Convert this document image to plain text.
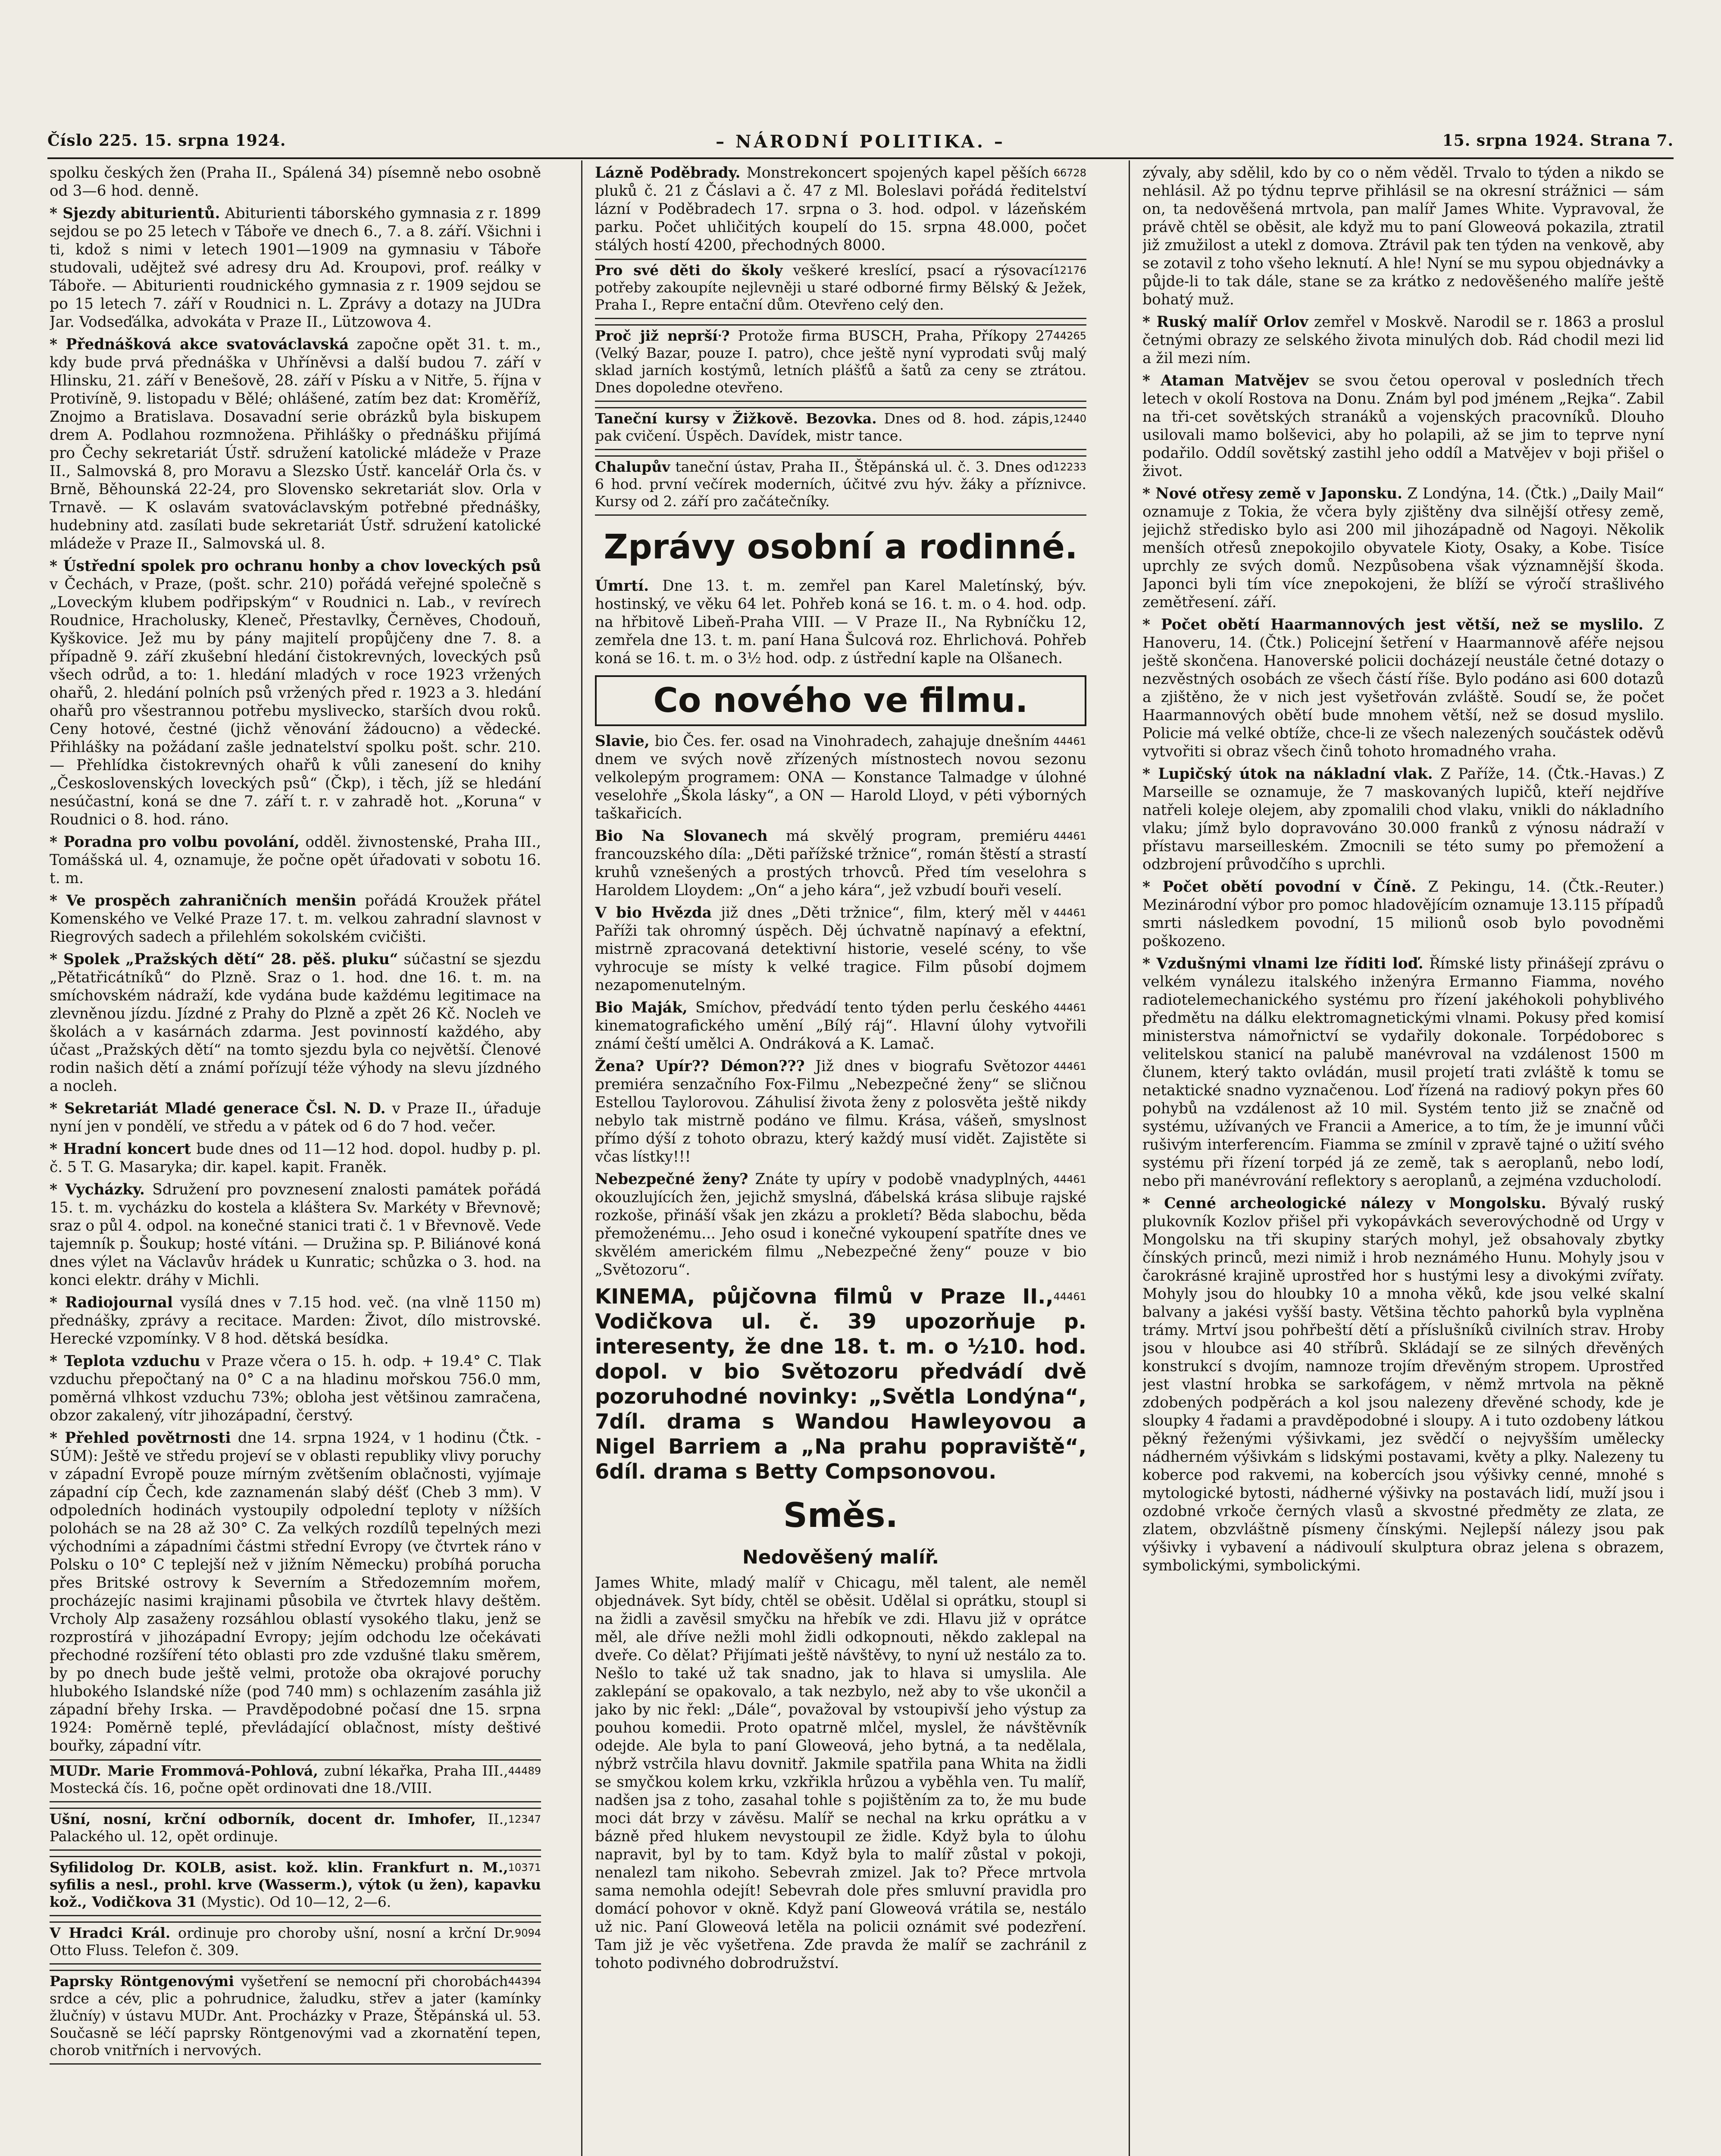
Číslo 225. 15. srpna 1924.	– NÁRODNÍ POLITIKA. –	15. srpna 1924. Strana 7.

spolku českých žen (Praha II., Spálená 34) písemně nebo osobně od 3—6 hod. denně.

* Sjezdy abiturientů. Abiturienti táborského gymnasia z r. 1899 sejdou se po 25 letech v Táboře ve dnech 6., 7. a 8. září. Všichni i ti, kdož s nimi v letech 1901—1909 na gymnasiu v Táboře studovali, udějtež své adresy dru Ad. Kroupovi, prof. reálky v Táboře. — Abiturienti roudnického gymnasia z r. 1909 sejdou se po 15 letech 7. září v Roudnici n. L. Zprávy a dotazy na JUDra Jar. Vodseďálka, advokáta v Praze II., Lützowova 4.

* Přednášková akce svatováclavská započne opět 31. t. m., kdy bude prvá přednáška v Uhříněvsi a další budou 7. září v Hlinsku, 21. září v Benešově, 28. září v Písku a v Nitře, 5. října v Protivíně, 9. listopadu v Bělé; ohlášené, zatím bez dat: Kroměříž, Znojmo a Bratislava. Dosavadní serie obrázků byla biskupem drem A. Podlahou rozmnožena. Přihlášky o přednášku přijímá pro Čechy sekretariát Ústř. sdružení katolické mládeže v Praze II., Salmovská 8, pro Moravu a Slezsko Ústř. kancelář Orla čs. v Brně, Běhounská 22-24, pro Slovensko sekretariát slov. Orla v Trnavě. — K oslavám svatováclavským potřebné přednášky, hudebniny atd. zasílati bude sekretariát Ústř. sdružení katolické mládeže v Praze II., Salmovská ul. 8.

* Ústřední spolek pro ochranu honby a chov loveckých psů v Čechách, v Praze, (pošt. schr. 210) pořádá veřejné společně s „Loveckým klubem podřipským“ v Roudnici n. Lab., v revírech Roudnice, Hracholusky, Kleneč, Přestavlky, Černěves, Chodouň, Kyškovice. Jež mu by pány majitelí propůjčeny dne 7. 8. a případně 9. září zkušební hledání čistokrevných, loveckých psů všech odrůd, a to: 1. hledání mladých v roce 1923 vržených ohařů, 2. hledání polních psů vržených před r. 1923 a 3. hledání ohařů pro všestrannou potřebu myslivecko, starších dvou roků. Ceny hotové, čestné (jichž věnování žádoucno) a vědecké. Přihlášky na požádaní zašle jednatelství spolku pošt. schr. 210. — Přehlídka čistokrevných ohařů k vůli zanesení do knihy „Československých loveckých psů“ (Čkp), i těch, jíž se hledání nesúčastní, koná se dne 7. září t. r. v zahradě hot. „Koruna“ v Roudnici o 8. hod. ráno.

* Poradna pro volbu povolání, odděl. živnostenské, Praha III., Tomášská ul. 4, oznamuje, že počne opět úřadovati v sobotu 16. t. m.

* Ve prospěch zahraničních menšin pořádá Kroužek přátel Komenského ve Velké Praze 17. t. m. velkou zahradní slavnost v Riegrových sadech a přilehlém sokolském cvičišti.

* Spolek „Pražských dětí“ 28. pěš. pluku“ súčastní se sjezdu „Pětatřicátníků“ do Plzně. Sraz o 1. hod. dne 16. t. m. na smíchovském nádraží, kde vydána bude každému legitimace na zlevněnou jízdu. Jízdné z Prahy do Plzně a zpět 26 Kč. Nocleh ve školách a v kasárnách zdarma. Jest povinností každého, aby účast „Pražských dětí“ na tomto sjezdu byla co největší. Členové rodin našich dětí a známí pořízují téže výhody na slevu jízdného a nocleh.

* Sekretariát Mladé generace Čsl. N. D. v Praze II., úřaduje nyní jen v pondělí, ve středu a v pátek od 6 do 7 hod. večer.

* Hradní koncert bude dnes od 11—12 hod. dopol. hudby p. pl. č. 5 T. G. Masaryka; dir. kapel. kapit. Franěk.

* Vycházky. Sdružení pro povznesení znalosti památek pořádá 15. t. m. vycházku do kostela a kláštera Sv. Markéty v Břevnově; sraz o půl 4. odpol. na konečné stanici trati č. 1 v Břevnově. Vede tajemník p. Šoukup; hosté vítáni. — Družina sp. P. Biliánové koná dnes výlet na Václavův hrádek u Kunratic; schůzka o 3. hod. na konci elektr. dráhy v Michli.

* Radiojournal vysílá dnes v 7.15 hod. več. (na vlně 1150 m) přednášky, zprávy a recitace. Marden: Život, dílo mistrovské. Herecké vzpomínky. V 8 hod. dětská besídka.

* Teplota vzduchu v Praze včera o 15. h. odp. + 19.4° C. Tlak vzduchu přepočtaný na 0° C a na hladinu mořskou 756.0 mm, poměrná vlhkost vzduchu 73%; obloha jest většinou zamračena, obzor zakalený, vítr jihozápadní, čerstvý.

* Přehled povětrnosti dne 14. srpna 1924, v 1 hodinu (Čtk. - SÚM): Ještě ve středu projeví se v oblasti republiky vlivy poruchy v západní Evropě pouze mírným zvětšením oblačnosti, vyjímaje západní cíp Čech, kde zaznamenán slabý déšť (Cheb 3 mm). V odpoledních hodinách vystoupily odpolední teploty v nížších polohách se na 28 až 30° C. Za velkých rozdílů tepelných mezi východními a západními částmi střední Evropy (ve čtvrtek ráno v Polsku o 10° C teplejší než v jižním Německu) probíhá porucha přes Britské ostrovy k Severním a Středozemním mořem, procházejíc nasimi krajinami působila ve čtvrtek hlavy deštěm. Vrcholy Alp zasaženy rozsáhlou oblastí vysokého tlaku, jenž se rozprostírá v jihozápadní Evropy; jejím odchodu lze očekávati přechodné rozšíření této oblasti pro zde vzdušné tlaku směrem, by po dnech bude ještě velmi, protože oba okrajové poruchy hlubokého Islandské níže (pod 740 mm) s ochlazením zasáhla již západní břehy Irska. — Pravděpodobné počasí dne 15. srpna 1924: Poměrně teplé, převládající oblačnost, místy deštivé bouřky, západní vítr.

44489
MUDr. Marie Frommová-Pohlová, zubní lékařka, Praha III., Mostecká čís. 16, počne opět ordinovati dne 18./VIII.

12347
Ušní, nosní, krční odborník, docent dr. Imhofer, II., Palackého ul. 12, opět ordinuje.

10371
Syfilidolog Dr. KOLB, asist. kož. klin. Frankfurt n. M., syfilis a nesl., prohl. krve (Wasserm.), výtok (u žen), kapavku kož., Vodičkova 31 (Mystic). Od 10—12, 2—6.

9094
V Hradci Král. ordinuje pro choroby ušní, nosní a krční Dr. Otto Fluss. Telefon č. 309.

44394
Paprsky Röntgenovými vyšetření se nemocní při chorobách srdce a cév, plic a pohrudnice, žaludku, střev a jater (kamínky žlučníy) v ústavu MUDr. Ant. Procházky v Praze, Štěpánská ul. 53. Současně se léčí paprsky Röntgenovými vad a zkornatění tepen, chorob vnitřních i nervových.

66728
Lázně Poděbrady. Monstrekoncert spojených kapel pěších pluků č. 21 z Čáslavi a č. 47 z Ml. Boleslavi pořádá ředitelství lázní v Poděbradech 17. srpna o 3. hod. odpol. v lázeňském parku. Počet uhličitých koupelí do 15. srpna 48.000, počet stálých hostí 4200, přechodných 8000.

12176
Pro své děti do školy veškeré kreslící, psací a rýsovací potřeby zakoupíte nejlevněji u staré odborné firmy Bělský & Ježek, Praha I., Repre entační dům. Otevřeno celý den.

44265
Proč již nepršíᐧ? Protože firma BUSCH, Praha, Příkopy 27 (Velký Bazar, pouze I. patro), chce ještě nyní vyprodati svůj malý sklad jarních kostýmů, letních plášťů a šatů za ceny se ztrátou. Dnes dopoledne otevřeno.

12440
Taneční kursy v Žižkově. Bezovka. Dnes od 8. hod. zápis, pak cvičení. Úspěch. Davídek, mistr tance.

12233
Chalupův taneční ústav, Praha II., Štěpánská ul. č. 3. Dnes od 6 hod. první večírek moderních, účitvé zvu hýv. žáky a příznivce. Kursy od 2. září pro začátečníky.

Zprávy osobní a rodinné.

Úmrtí. Dne 13. t. m. zemřel pan Karel Maletínský, býv. hostinský, ve věku 64 let. Pohřeb koná se 16. t. m. o 4. hod. odp. na hřbitově Libeň-Praha VIII. — V Praze II., Na Rybníčku 12, zemřela dne 13. t. m. paní Hana Šulcová roz. Ehrlichová. Pohřeb koná se 16. t. m. o 3½ hod. odp. z ústřední kaple na Olšanech.

Co nového ve filmu.

44461
Slavie, bio Čes. fer. osad na Vinohradech, zahajuje dnešním dnem ve svých nově zřízených místnostech novou sezonu velkolepým programem: ONA — Konstance Talmadge v úlohné veselohře „Škola lásky“, a ON — Harold Lloyd, v péti výborných taškařicích.

44461
Bio Na Slovanech má skvělý program, premiéru francouzského díla: „Děti pařížské tržnice“, román štěstí a strastí kruhů vznešených a prostých trhovců. Před tím veselohra s Haroldem Lloydem: „On“ a jeho kára“, jež vzbudí bouři veselí.

44461
V bio Hvězda již dnes „Děti tržnice“, film, který měl v Paříži tak ohromný úspěch. Děj úchvatně napínavý a efektní, mistrně zpracovaná detektivní historie, veselé scény, to vše vyhrocuje se místy k velké tragice. Film působí dojmem nezapomenutelným.

44461
Bio Maják, Smíchov, předvádí tento týden perlu českého kinematografického umění „Bílý ráj“. Hlavní úlohy vytvořili známí čeští umělci A. Ondráková a K. Lamač.

44461
Žena? Upír?? Démon??? Již dnes v biografu Světozor premiéra senzačního Fox-Filmu „Nebezpečné ženy“ se sličnou Estellou Taylorovou. Záhulisí života ženy z polosvěta ještě nikdy nebylo tak mistrně podáno ve filmu. Krása, vášeň, smyslnost přímo dýší z tohoto obrazu, který každý musí vidět. Zajistěte si včas lístky!!!

44461
Nebezpečné ženy? Znáte ty upíry v podobě vnadyplných, okouzlujících žen, jejichž smyslná, ďábelská krása slibuje rajské rozkoše, přináší však jen zkázu a prokletí? Běda slabochu, běda přemoženému... Jeho osud i konečné vykoupení spatříte dnes ve skvělém americkém filmu „Nebezpečné ženy“ pouze v bio „Světozoru“.

44461
KINEMA, půjčovna filmů v Praze II., Vodičkova ul. č. 39 upozorňuje p. interesenty, že dne 18. t. m. o ½10. hod. dopol. v bio Světozoru předvádí dvě pozoruhodné novinky: „Světla Londýna“, 7díl. drama s Wandou Hawleyovou a Nigel Barriem a „Na prahu popraviště“, 6díl. drama s Betty Compsonovou.
Směs.
Nedověšený malíř.

James White, mladý malíř v Chicagu, měl talent, ale neměl objednávek. Syt bídy, chtěl se oběsit. Udělal si oprátku, stoupl si na židli a zavěsil smyčku na hřebík ve zdi. Hlavu již v oprátce měl, ale dříve nežli mohl židli odkopnouti, někdo zaklepal na dveře. Co dělat? Přijímati ještě návštěvy, to nyní už nestálo za to. Nešlo to také už tak snadno, jak to hlava si umyslila. Ale zaklepání se opakovalo, a tak nezbylo, než aby to vše ukončil a jako by nic řekl: „Dále“, považoval by vstoupivší jeho výstup za pouhou komedii. Proto opatrně mlčel, myslel, že návštěvník odejde. Ale byla to paní Gloweová, jeho bytná, a ta nedělala, nýbrž vstrčila hlavu dovnitř. Jakmile spatřila pana Whita na židli se smyčkou kolem krku, vzkřikla hrůzou a vyběhla ven. Tu malíř, nadšen jsa z toho, zasahal tohle s pojištěním za to, že mu bude moci dát brzy v závěsu. Malíř se nechal na krku oprátku a v bázně před hlukem nevystoupil ze židle. Když byla to úlohu napravit, byl by to tam. Když byla to malíř zůstal v pokoji, nenalezl tam nikoho. Sebevrah zmizel. Jak to? Přece mrtvola sama nemohla odejít! Sebevrah dole přes smluvní pravidla pro domácí pohovor v okně. Když paní Gloweová vrátila se, nestálo už nic. Paní Gloweová letěla na policii oznámit své podezření. Tam již je věc vyšetřena. Zde pravda že malíř se zachránil z tohoto podivného dobrodružství.

zývaly, aby sdělil, kdo by co o něm věděl. Trvalo to týden a nikdo se nehlásil. Až po týdnu teprve přihlásil se na okresní strážnici — sám on, ta nedověšená mrtvola, pan malíř James White. Vypravoval, že právě chtěl se oběsit, ale když mu to paní Gloweová pokazila, ztratil již zmužilost a utekl z domova. Ztrávil pak ten týden na venkově, aby se zotavil z toho všeho leknutí. A hle! Nyní se mu sypou objednávky a půjde-li to tak dále, stane se za krátko z nedověšeného malíře ještě bohatý muž.

* Ruský malíř Orlov zemřel v Moskvě. Narodil se r. 1863 a proslul četnými obrazy ze selského života minulých dob. Rád chodil mezi lid a žil mezi ním.

* Ataman Matvějev se svou četou operoval v posledních třech letech v okolí Rostova na Donu. Znám byl pod jménem „Rejka“. Zabil na tři-cet sovětských stranáků a vojenských pracovníků. Dlouho usilovali mamo bolševici, aby ho polapili, až se jim to teprve nyní podařilo. Oddíl sovětský zastihl jeho oddíl a Matvějev v boji přišel o život.

* Nové otřesy země v Japonsku. Z Londýna, 14. (Čtk.) „Daily Mail“ oznamuje z Tokia, že včera byly zjištěny dva silnější otřesy země, jejichž středisko bylo asi 200 mil jihozápadně od Nagoyi. Několik menších otřesů znepokojilo obyvatele Kioty, Osaky, a Kobe. Tisíce uprchly ze svých domů. Nezpůsobena však významnější škoda. Japonci byli tím více znepokojeni, že blíží se výročí strašlivého zemětřesení. září.

* Počet obětí Haarmannových jest větší, než se myslilo. Z Hanoveru, 14. (Čtk.) Policejní šetření v Haarmannově aféře nejsou ještě skončena. Hanoverské policii docházejí neustále četné dotazy o nezvěstných osobách ze všech částí říše. Bylo podáno asi 600 dotazů a zjištěno, že v nich jest vyšetřován zvláště. Soudí se, že počet Haarmannových obětí bude mnohem větší, než se dosud myslilo. Policie má velké obtíže, chce-li ze všech nalezených součástek oděvů vytvořiti si obraz všech činů tohoto hromadného vraha.

* Lupičský útok na nákladní vlak. Z Paříže, 14. (Čtk.-Havas.) Z Marseille se oznamuje, že 7 maskovaných lupičů, kteří nejdříve natřeli koleje olejem, aby zpomalili chod vlaku, vnikli do nákladního vlaku; jímž bylo dopravováno 30.000 franků z výnosu nádraží v přístavu marseilleském. Zmocnili se této sumy po přemožení a odzbrojení průvodčího s uprchli.

* Počet obětí povodní v Číně. Z Pekingu, 14. (Čtk.-Reuter.) Mezinárodní výbor pro pomoc hladovějícím oznamuje 13.115 případů smrti následkem povodní, 15 milionů osob bylo povodněmi poškozeno.

* Vzdušnými vlnami lze říditi loď. Římské listy přinášejí zprávu o velkém vynálezu italského inženýra Ermanno Fiamma, nového radiotelemechanického systému pro řízení jakéhokoli pohyblivého předmětu na dálku elektromagnetickými vlnami. Pokusy před komisí ministerstva námořnictví se vydařily dokonale. Torpédoborec s velitelskou stanicí na palubě manévroval na vzdálenost 1500 m člunem, který takto ovládán, musil projetí trati zvláště k tomu se netaktické snadno vyznačenou. Loď řízená na radiový pokyn přes 60 pohybů na vzdálenost až 10 mil. Systém tento již se značně od systému, užívaných ve Francii a Americe, a to tím, že je imunní vůči rušivým interferencím. Fiamma se zmínil v zpravě tajné o užití svého systému při řízení torpéd já ze země, tak s aeroplanů, nebo lodí, nebo při manévrování reflektory s aeroplanů, a zejména vzducholodí.

* Cenné archeologické nálezy v Mongolsku. Bývalý ruský plukovník Kozlov přišel při vykopávkách severovýchodně od Urgy v Mongolsku na tři skupiny starých mohyl, jež obsahovaly zbytky čínských princů, mezi nimiž i hrob neznámého Hunu. Mohyly jsou v čarokrásné krajině uprostřed hor s hustými lesy a divokými zvířaty. Mohyly jsou do hloubky 10 a mnoha věků, kde jsou velké skalní balvany a jakési vyšší basty. Většina těchto pahorků byla vyplněna trámy. Mrtví jsou pohřbeští dětí a příslušníků civilních strav. Hroby jsou v hloubce asi 40 stříbrů. Skládají se ze silných dřevěných konstrukcí s dvojím, namnoze trojím dřevěným stropem. Uprostřed jest vlastní hrobka se sarkofágem, v němž mrtvola na pěkně zdobených podpěrách a kol jsou nalezeny dřevěné schody, kde je sloupky 4 řadami a pravděpodobné i sloupy. A i tuto ozdobeny látkou pěkný řeženými výšivkami, jez svědčí o nejvyšším umělecky nádherném výšivkám s lidskými postavami, květy a plky. Nalezeny tu koberce pod rakvemi, na kobercích jsou výšivky cenné, mnohé s mytologické bytosti, nádherné výšivky na postavách lidí, muží jsou i ozdobné vrkoče černých vlasů a skvostné předměty ze zlata, ze zlatem, obzvláštně písmeny čínskými. Nejlepší nálezy jsou pak výšivky i vybavení a nádivoulí skulptura obraz jelena s obrazem, symbolickými, symbolickými.
